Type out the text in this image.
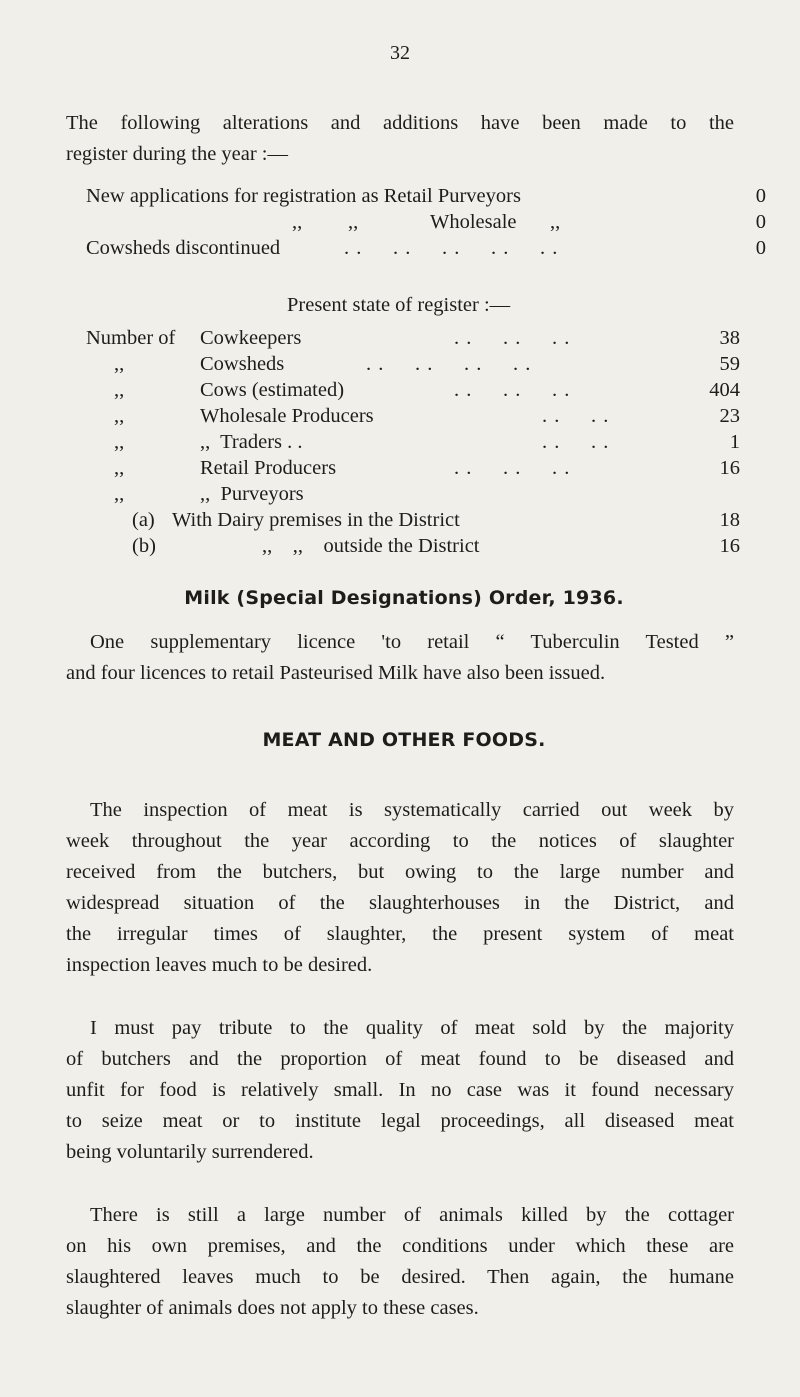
32
The following alterations and additions have been made to the
register during the year :—
New applications for registration as Retail Purveyors	0
,, ,,	Wholesale ,,	0
Cowsheds discontinued	. .     . .     . .     . .     . .	0
Present state of register :—
Number of Cowkeepers	. .     . .     . .	38
,,	Cowsheds	. .     . .     . .     . .	59
,,	Cows (estimated)	. .     . .     . .	404
,,	Wholesale Producers	. .     . .	23
,,	,,  Traders . .	. .     . .	1
,,	Retail Producers	. .     . .     . .	16
,,	,,  Purveyors
(a) With Dairy premises in the District	18
(b)	,,    ,,    outside the District	16
Milk (Special Designations) Order, 1936.
One supplementary licence 'to retail “ Tuberculin Tested ”
and four licences to retail Pasteurised Milk have also been issued.
MEAT AND OTHER FOODS.
The inspection of meat is systematically carried out week by
week throughout the year according to the notices of slaughter
received from the butchers, but owing to the large number and
widespread situation of the slaughterhouses in the District, and
the irregular times of slaughter, the present system of meat
inspection leaves much to be desired.
I must pay tribute to the quality of meat sold by the majority
of butchers and the proportion of meat found to be diseased and
unfit for food is relatively small. In no case was it found necessary
to seize meat or to institute legal proceedings, all diseased meat
being voluntarily surrendered.
There is still a large number of animals killed by the cottager
on his own premises, and the conditions under which these are
slaughtered leaves much to be desired. Then again, the humane
slaughter of animals does not apply to these cases.
